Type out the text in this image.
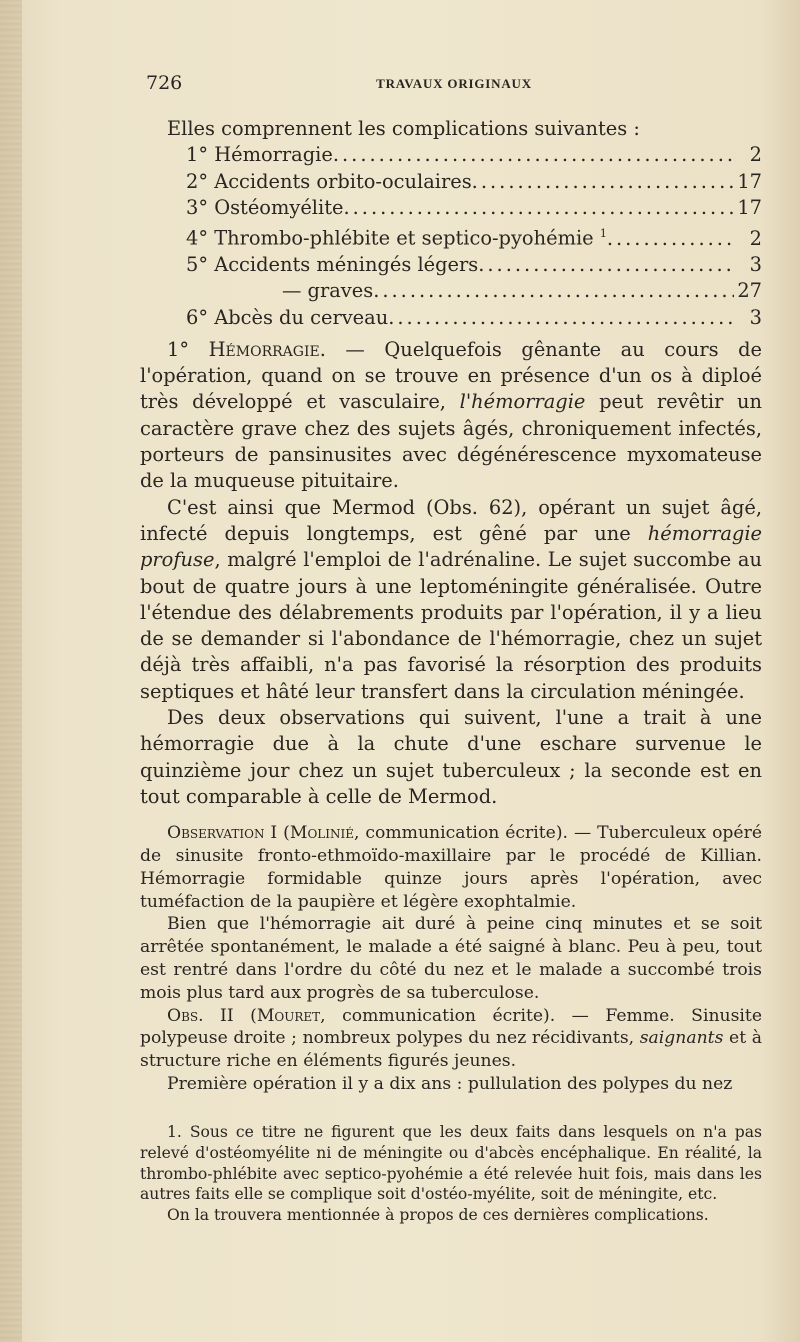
726	TRAVAUX ORIGINAUX

Elles comprennent les complications suivantes :

1° Hémorragie .....	2
2° Accidents orbito-oculaires .....	17
3° Ostéomyélite .....	17
4° Thrombo-phlébite et septico-pyohémie $^1$ .....	2
5° Accidents méningés légers .....	3
— graves .....	27
6° Abcès du cerveau .....	3

1° Hémorragie. — Quelquefois gênante au cours de l'opération, quand on se trouve en présence d'un os à diploé très développé et vasculaire, l'hémorragie peut revêtir un caractère grave chez des sujets âgés, chroniquement infectés, porteurs de pansinusites avec dégénérescence myxomateuse de la muqueuse pituitaire.

C'est ainsi que Mermod (Obs. 62), opérant un sujet âgé, infecté depuis longtemps, est gêné par une hémorragie profuse, malgré l'emploi de l'adrénaline. Le sujet succombe au bout de quatre jours à une leptoméningite généralisée. Outre l'étendue des délabrements produits par l'opération, il y a lieu de se demander si l'abondance de l'hémorragie, chez un sujet déjà très affaibli, n'a pas favorisé la résorption des produits septiques et hâté leur transfert dans la circulation méningée.

Des deux observations qui suivent, l'une a trait à une hémorragie due à la chute d'une eschare survenue le quinzième jour chez un sujet tuberculeux ; la seconde est en tout comparable à celle de Mermod.

Observation I (Molinié, communication écrite). — Tuberculeux opéré de sinusite fronto-ethmoïdo-maxillaire par le procédé de Killian. Hémorragie formidable quinze jours après l'opération, avec tuméfaction de la paupière et légère exophtalmie.

Bien que l'hémorragie ait duré à peine cinq minutes et se soit arrêtée spontanément, le malade a été saigné à blanc. Peu à peu, tout est rentré dans l'ordre du côté du nez et le malade a succombé trois mois plus tard aux progrès de sa tuberculose.

Obs. II (Mouret, communication écrite). — Femme. Sinusite polypeuse droite ; nombreux polypes du nez récidivants, saignants et à structure riche en éléments figurés jeunes.

Première opération il y a dix ans : pullulation des polypes du nez

1. Sous ce titre ne figurent que les deux faits dans lesquels on n'a pas relevé d'ostéomyélite ni de méningite ou d'abcès encéphalique. En réalité, la thrombo-phlébite avec septico-pyohémie a été relevée huit fois, mais dans les autres faits elle se complique soit d'ostéo-myélite, soit de méningite, etc.

On la trouvera mentionnée à propos de ces dernières complications.
